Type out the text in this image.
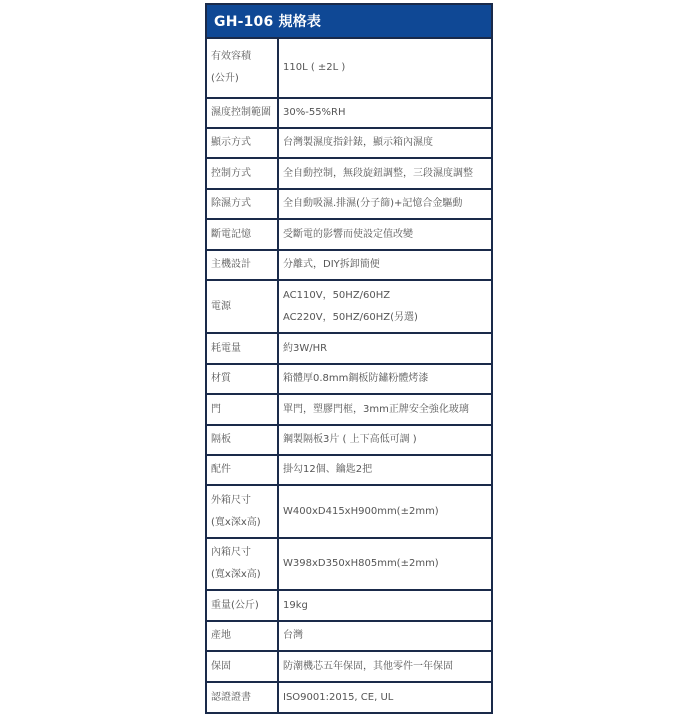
GH-106 規格表	

有效容積
(公升)	110L ( ±2L )

濕度控制範圍	30%-55%RH

顯示方式	台灣製濕度指針錶，顯示箱內濕度

控制方式	全自動控制，無段旋鈕調整，三段濕度調整

除濕方式	全自動吸濕.排濕(分子篩)+記憶合金驅動

斷電記憶	受斷電的影響而使設定值改變

主機設計	分離式，DIY拆卸簡便

電源	AC110V，50HZ/60HZ
AC220V，50HZ/60HZ(另選)

耗電量	約3W/HR

材質	箱體厚0.8mm鋼板防鏽粉體烤漆

門	單門，塑膠門框，3mm正牌安全強化玻璃

隔板	鋼製隔板3片 ( 上下高低可調 )

配件	掛勾12個、鑰匙2把

外箱尺寸
(寬x深x高)	W400xD415xH900mm(±2mm)

內箱尺寸
(寬x深x高)	W398xD350xH805mm(±2mm)

重量(公斤)	19kg

產地	台灣

保固	防潮機芯五年保固，其他零件一年保固

認證證書	ISO9001:2015, CE, UL
